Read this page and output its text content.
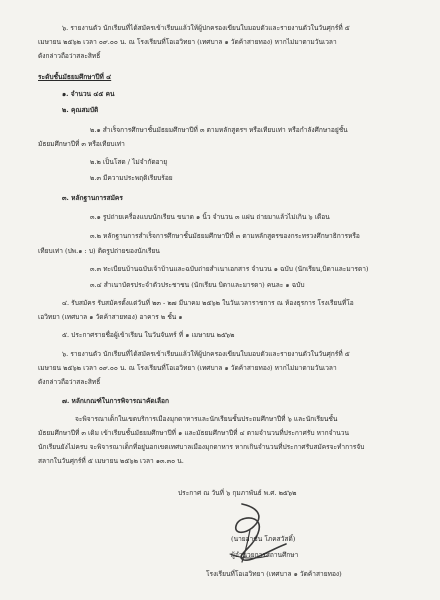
๖. รายงานตัว นักเรียนที่ได้สมัครเข้าเรียนแล้วให้ผู้ปกครองเขียนใบมอบตัวและรายงานตัวในวันศุกร์ที่ ๕
เมษายน ๒๕๖๒ เวลา ๐๙.๐๐ น. ณ โรงเรียนที่โอเอวิทยา (เทศบาล ๑ วัดค้าสายทอง) หากไม่มาตามวันเวลา
ดังกล่าวถือว่าสละสิทธิ์
ระดับชั้นมัธยมศึกษาปีที่ ๔
๑. จำนวน ๔๕ คน
๒. คุณสมบัติ
๒.๑ สำเร็จการศึกษาชั้นมัธยมศึกษาปีที่ ๓ ตามหลักสูตรฯ หรือเทียบเท่า หรือกำลังศึกษาอยู่ชั้น
มัธยมศึกษาปีที่ ๓ หรือเทียบเท่า
๒.๒ เป็นโสด / ไม่จำกัดอายุ
๒.๓ มีความประพฤติเรียบร้อย
๓. หลักฐานการสมัคร
๓.๑ รูปถ่ายเครื่องแบบนักเรียน ขนาด ๑ นิ้ว จำนวน ๓ แผ่น ถ่ายมาแล้วไม่เกิน ๖ เดือน
๓.๒ หลักฐานการสำเร็จการศึกษาชั้นมัธยมศึกษาปีที่ ๓ ตามหลักสูตรของกระทรวงศึกษาธิการหรือ
เทียบเท่า (ปพ.๑ : บ) ติดรูปถ่ายของนักเรียน
๓.๓ ทะเบียนบ้านฉบับเจ้าบ้านและฉบับถ่ายสำเนาเอกสาร จำนวน ๑ ฉบับ (นักเรียน,บิดาและมารดา)
๓.๔ สำเนาบัตรประจำตัวประชาชน (นักเรียน บิดาและมารดา) คนละ ๑ ฉบับ
๔. รับสมัคร รับสมัครตั้งแต่วันที่ ๒๓ - ๒๗ มีนาคม ๒๕๖๒ ในวันเวลาราชการ ณ ห้องธุรการ โรงเรียนที่โอ
เอวิทยา (เทศบาล ๑ วัดค้าสายทอง) อาคาร ๒ ชั้น ๑
๕. ประกาศรายชื่อผู้เข้าเรียน ในวันจันทร์ ที่ ๑ เมษายน ๒๕๖๒
๖. รายงานตัว นักเรียนที่ได้สมัครเข้าเรียนแล้วให้ผู้ปกครองเขียนใบมอบตัวและรายงานตัวในวันศุกร์ที่ ๕
เมษายน ๒๕๖๒ เวลา ๐๙.๐๐ น. ณ โรงเรียนที่โอเอวิทยา (เทศบาล ๑ วัดค้าสายทอง) หากไม่มาตามวันเวลา
ดังกล่าวถือว่าสละสิทธิ์
๗. หลักเกณฑ์ในการพิจารณาคัดเลือก
จะพิจารณาเด็กในเขตบริการเมืองมุกดาหารและนักเรียนชั้นประถมศึกษาปีที่ ๖ และนักเรียนชั้น
มัธยมศึกษาปีที่ ๓ เดิม เข้าเรียนชั้นมัธยมศึกษาปีที่ ๑ และมัธยมศึกษาปีที่ ๔ ตามจำนวนที่ประกาศรับ หากจำนวน
นักเรียนยังไม่ครบ จะพิจารณาเด็กที่อยู่นอกเขตเทศบาลเมืองมุกดาหาร หากเกินจำนวนที่ประกาศรับสมัครจะทำการจับ
สลากในวันศุกร์ที่ ๕ เมษายน ๒๕๖๒ เวลา ๑๓.๓๐ น.
ประกาศ ณ วันที่ ๖ กุมภาพันธ์ พ.ศ. ๒๕๖๒
(นายอาชัน โภคสวัสดิ์)
ผู้อำนวยการสถานศึกษา
โรงเรียนที่โอเอวิทยา (เทศบาล ๑ วัดค้าสายทอง)
